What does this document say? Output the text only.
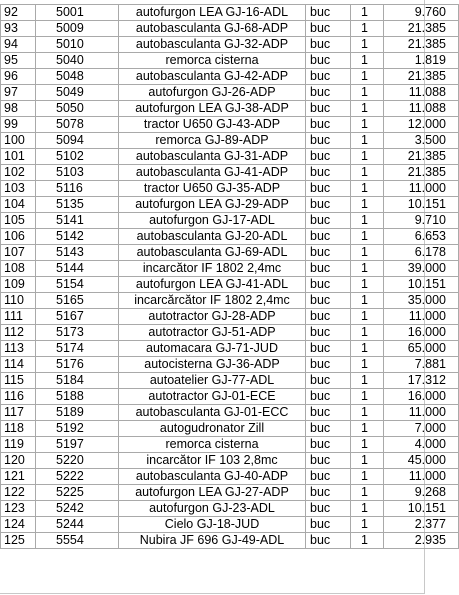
92	5001	autofurgon LEA GJ-16-ADL	buc	1	9.760
93	5009	autobasculanta GJ-68-ADP	buc	1	21.385
94	5010	autobasculanta GJ-32-ADP	buc	1	21.385
95	5040	remorca cisterna	buc	1	1.819
96	5048	autobasculanta GJ-42-ADP	buc	1	21.385
97	5049	autofurgon GJ-26-ADP	buc	1	11.088
98	5050	autofurgon LEA GJ-38-ADP	buc	1	11.088
99	5078	tractor U650 GJ-43-ADP	buc	1	12.000
100	5094	remorca GJ-89-ADP	buc	1	3.500
101	5102	autobasculanta GJ-31-ADP	buc	1	21.385
102	5103	autobasculanta GJ-41-ADP	buc	1	21.385
103	5116	tractor U650 GJ-35-ADP	buc	1	11.000
104	5135	autofurgon LEA GJ-29-ADP	buc	1	10.151
105	5141	autofurgon GJ-17-ADL	buc	1	9.710
106	5142	autobasculanta GJ-20-ADL	buc	1	6.653
107	5143	autobasculanta GJ-69-ADL	buc	1	6.178
108	5144	incarcător IF 1802 2,4mc	buc	1	39.000
109	5154	autofurgon LEA GJ-41-ADL	buc	1	10.151
110	5165	incarcărcător IF 1802 2,4mc	buc	1	35.000
111	5167	autotractor GJ-28-ADP	buc	1	11.000
112	5173	autotractor GJ-51-ADP	buc	1	16.000
113	5174	automacara GJ-71-JUD	buc	1	65.000
114	5176	autocisterna GJ-36-ADP	buc	1	7.881
115	5184	autoatelier GJ-77-ADL	buc	1	17.312
116	5188	autotractor GJ-01-ECE	buc	1	16.000
117	5189	autobasculanta GJ-01-ECC	buc	1	11.000
118	5192	autogudronator Zill	buc	1	7.000
119	5197	remorca cisterna	buc	1	4.000
120	5220	incarcător IF 103 2,8mc	buc	1	45.000
121	5222	autobasculanta GJ-40-ADP	buc	1	11.000
122	5225	autofurgon LEA GJ-27-ADP	buc	1	9.268
123	5242	autofurgon GJ-23-ADL	buc	1	10.151
124	5244	Cielo GJ-18-JUD	buc	1	2.377
125	5554	Nubira JF 696 GJ-49-ADL	buc	1	2.935
